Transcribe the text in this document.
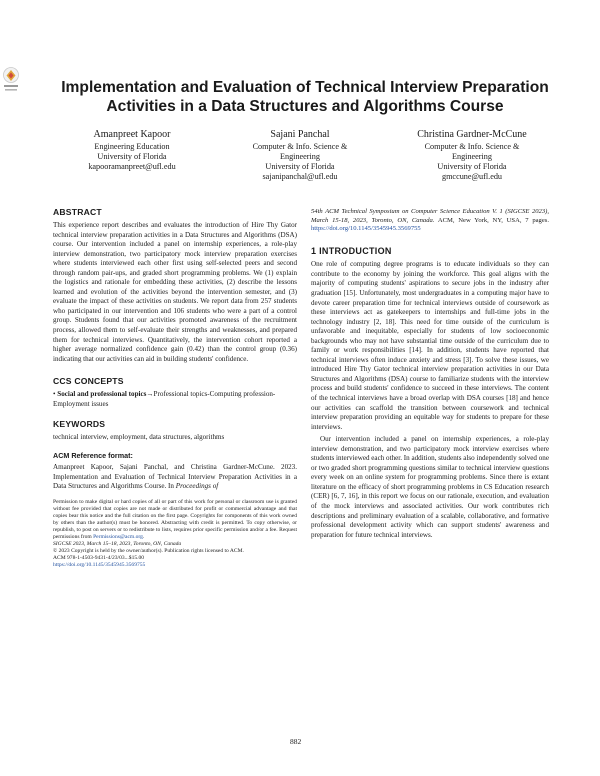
Implementation and Evaluation of Technical Interview Preparation
Activities in a Data Structures and Algorithms Course
Amanpreet Kapoor
Engineering Education
University of Florida
kapooramanpreet@ufl.edu
Sajani Panchal
Computer & Info. Science &
Engineering
University of Florida
sajanipanchal@ufl.edu
Christina Gardner-McCune
Computer & Info. Science &
Engineering
University of Florida
gmccune@ufl.edu
ABSTRACT

This experience report describes and evaluates the introduction of Hire Thy Gator technical interview preparation activities in a Data Structures and Algorithms (DSA) course. Our intervention included a panel on internship experiences, a role-play interview demonstration, two participatory mock interview preparation exercises where students interviewed each other first using self-selected peers and second through random pair-ups, and graded short programming problems. We (1) explain the logistics and rationale for embedding these activities, (2) describe the lessons learned and evolution of the activities beyond the intervention semester, and (3) evaluate the impact of these activities on students. We report data from 257 students who participated in our intervention and 106 students who were a part of a control group. Students found that our activities promoted awareness of the recruitment process, allowed them to self-evaluate their strengths and weaknesses, and prepared them for technical interviews. Quantitatively, the intervention cohort reported a higher average normalized confidence gain (0.42) than the control group (0.36) indicating that our activities can aid in building students' confidence.

CCS CONCEPTS

• Social and professional topics→Professional topics-Computing profession-Employment issues

KEYWORDS

technical interview, employment, data structures, algorithms

ACM Reference format:

Amanpreet Kapoor, Sajani Panchal, and Christina Gardner-McCune. 2023. Implementation and Evaluation of Technical Interview Preparation Activities in a Data Structures and Algorithms Course. In Proceedings of

Permission to make digital or hard copies of all or part of this work for personal or classroom use is granted without fee provided that copies are not made or distributed for profit or commercial advantage and that copies bear this notice and the full citation on the first page. Copyrights for components of this work owned by others than the author(s) must be honored. Abstracting with credit is permitted. To copy otherwise, or republish, to post on servers or to redistribute to lists, requires prior specific permission and/or a fee. Request permissions from Permissions@acm.org.
SIGCSE 2023, March 15–18, 2023, Toronto, ON, Canada
© 2023 Copyright is held by the owner/author(s). Publication rights licensed to ACM.
ACM 978-1-4503-9431-4/23/03...$15.00
https://doi.org/10.1145/3545945.3569755

54th ACM Technical Symposium on Computer Science Education V. 1 (SIGCSE 2023), March 15-18, 2023, Toronto, ON, Canada. ACM, New York, NY, USA, 7 pages. https://doi.org/10.1145/3545945.3569755

1 INTRODUCTION

One role of computing degree programs is to educate individuals so they can contribute to the economy by joining the workforce. This goal aligns with the majority of computing students' aspirations to secure jobs in the industry after graduation [15]. Unfortunately, most undergraduates in a computing major have to devote career preparation time for technical interviews outside of coursework as these interviews act as gatekeepers to internships and full-time jobs in the technology industry [2, 18]. This need for time outside of the curriculum is unfavorable and inequitable, especially for students of low socioeconomic backgrounds who may not have substantial time outside of the curriculum due to family or work responsibilities [14]. In addition, students have reported that technical interviews often induce anxiety and stress [3]. To solve these issues, we introduced Hire Thy Gator technical interview preparation activities in our Data Structures and Algorithms (DSA) course to familiarize students with the interview process and build students' confidence to succeed in these interviews. The content of the technical interviews have a broad overlap with DSA courses [18] and hence our activities can scaffold the transition between coursework and technical interview preparation providing an equitable way for students to prepare for these interviews.

Our intervention included a panel on internship experiences, a role-play interview demonstration, and two participatory mock interview exercises where students interviewed each other. In addition, students also independently solved one or two graded short programming questions similar to technical interview questions every week on an online system for programming problems. Since there is extant literature on the efficacy of short programming problems in CS Education research (CER) [6, 7, 16], in this report we focus on our rationale, execution, and evaluation of the mock interviews and associated activities. Our work contributes rich descriptions and preliminary evaluation of a scalable, collaborative, and formative professional development activity which can support students' awareness and preparation for future technical interviews.

882
